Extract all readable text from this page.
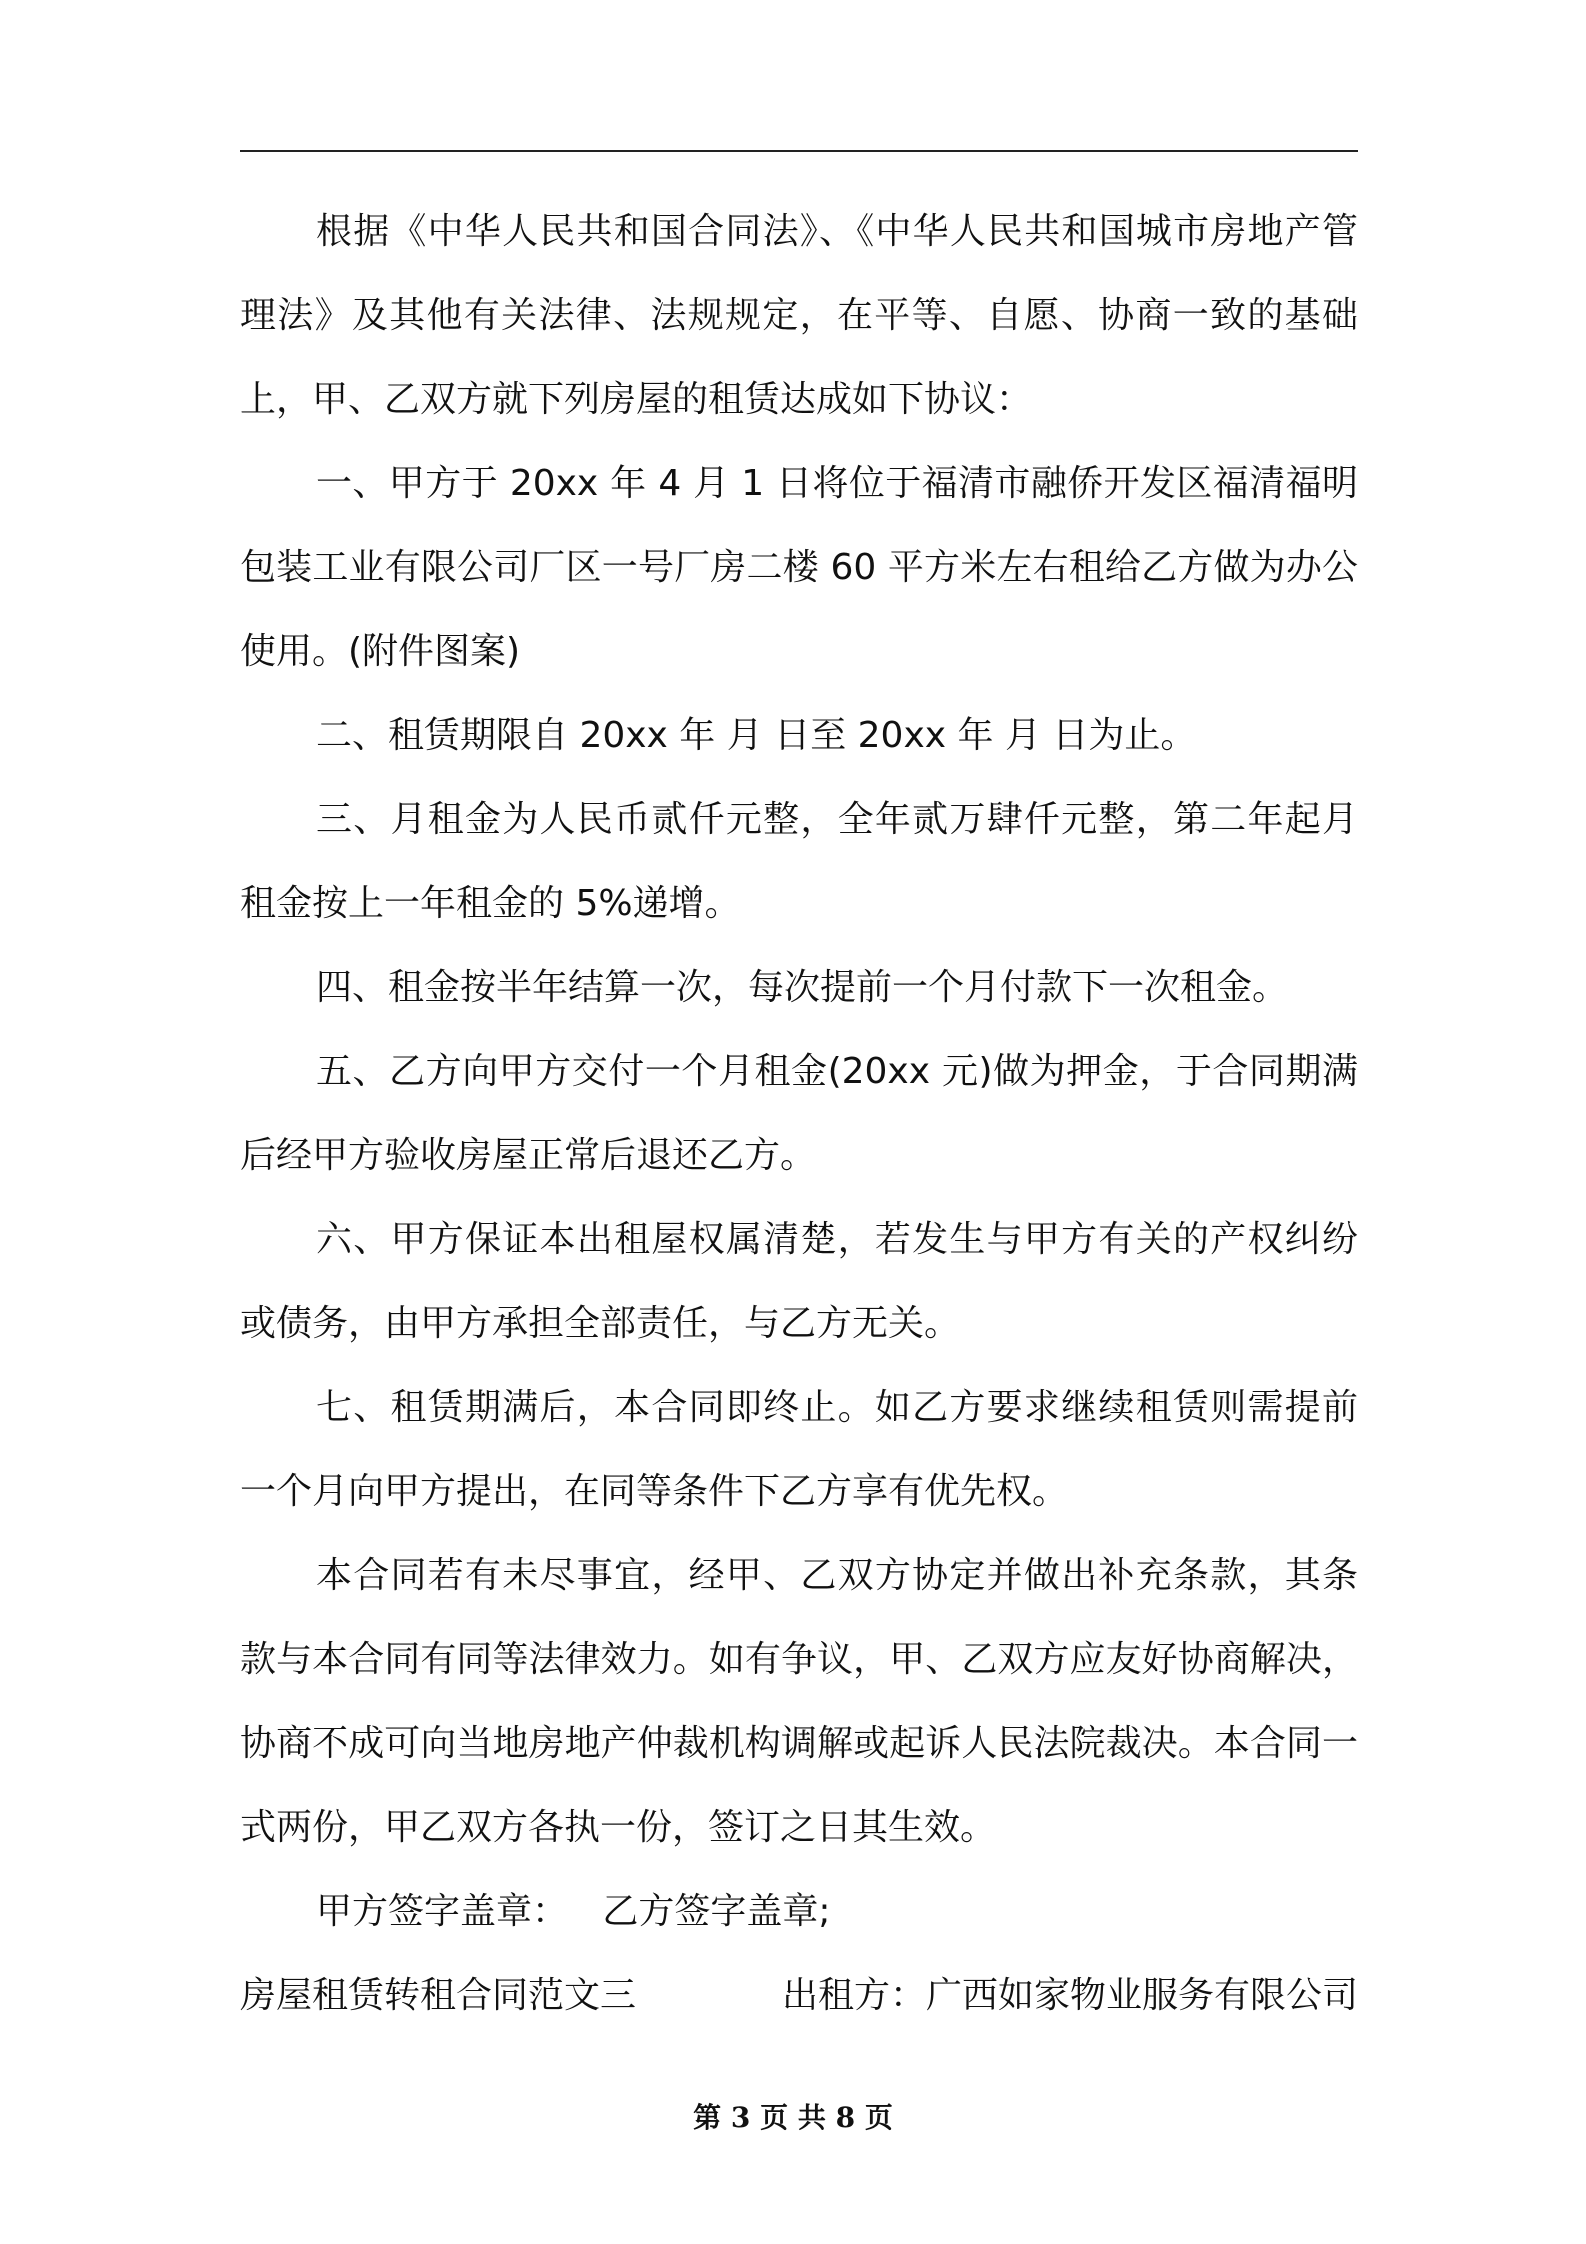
根据《中华人民共和国合同法》、《中华人民共和国城市房地产管理法》及其他有关法律、法规规定，在平等、自愿、协商一致的基础上，甲、乙双方就下列房屋的租赁达成如下协议：

一、甲方于 20xx 年 4 月 1 日将位于福清市融侨开发区福清福明包装工业有限公司厂区一号厂房二楼 60 平方米左右租给乙方做为办公使用。(附件图案)

二、租赁期限自 20xx 年 月 日至 20xx 年 月 日为止。

三、月租金为人民币贰仟元整，全年贰万肆仟元整，第二年起月租金按上一年租金的 5%递增。

四、租金按半年结算一次，每次提前一个月付款下一次租金。

五、乙方向甲方交付一个月租金(20xx 元)做为押金，于合同期满后经甲方验收房屋正常后退还乙方。

六、甲方保证本出租屋权属清楚，若发生与甲方有关的产权纠纷或债务，由甲方承担全部责任，与乙方无关。

七、租赁期满后，本合同即终止。如乙方要求继续租赁则需提前一个月向甲方提出，在同等条件下乙方享有优先权。

本合同若有未尽事宜，经甲、乙双方协定并做出补充条款，其条款与本合同有同等法律效力。如有争议，甲、乙双方应友好协商解决，协商不成可向当地房地产仲裁机构调解或起诉人民法院裁决。本合同一式两份，甲乙双方各执一份，签订之日其生效。

甲方签字盖章： 乙方签字盖章;

房屋租赁转租合同范文三	出租方：广西如家物业服务有限公司

第 3 页 共 8 页
